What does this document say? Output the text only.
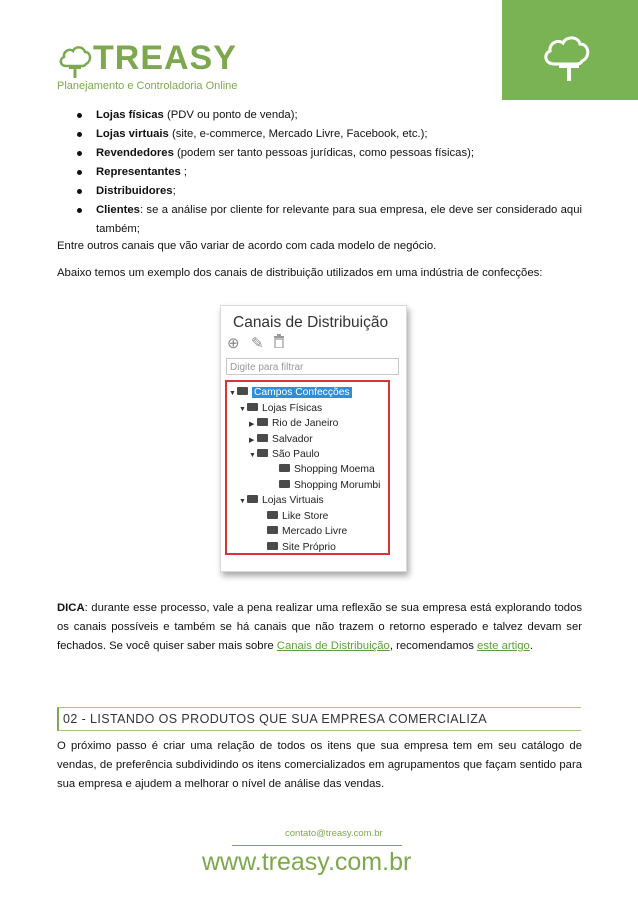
TREASY
Planejamento e Controladoria Online
Lojas físicas (PDV ou ponto de venda);
Lojas virtuais (site, e-commerce, Mercado Livre, Facebook, etc.);
Revendedores (podem ser tanto pessoas jurídicas, como pessoas físicas);
Representantes ;
Distribuidores;
Clientes: se a análise por cliente for relevante para sua empresa, ele deve ser considerado aqui também;
Entre outros canais que vão variar de acordo com cada modelo de negócio.
Abaixo temos um exemplo dos canais de distribuição utilizados em uma indústria de confecções:
Canais de Distribuição
⊕ ✎
Digite para filtrar
▼ Campos Confecções
▼ Lojas Físicas
▶ Rio de Janeiro
▶ Salvador
▼ São Paulo
Shopping Moema
Shopping Morumbi
▼ Lojas Virtuais
Like Store
Mercado Livre
Site Próprio
DICA: durante esse processo, vale a pena realizar uma reflexão se sua empresa está explorando todos os canais possíveis e também se há canais que não trazem o retorno esperado e talvez devam ser fechados. Se você quiser saber mais sobre Canais de Distribuição, recomendamos este artigo.
02 - LISTANDO OS PRODUTOS QUE SUA EMPRESA COMERCIALIZA
O próximo passo é criar uma relação de todos os itens que sua empresa tem em seu catálogo de vendas, de preferência subdividindo os itens comercializados em agrupamentos que façam sentido para sua empresa e ajudem a melhorar o nível de análise das vendas.
contato@treasy.com.br
www.treasy.com.br
